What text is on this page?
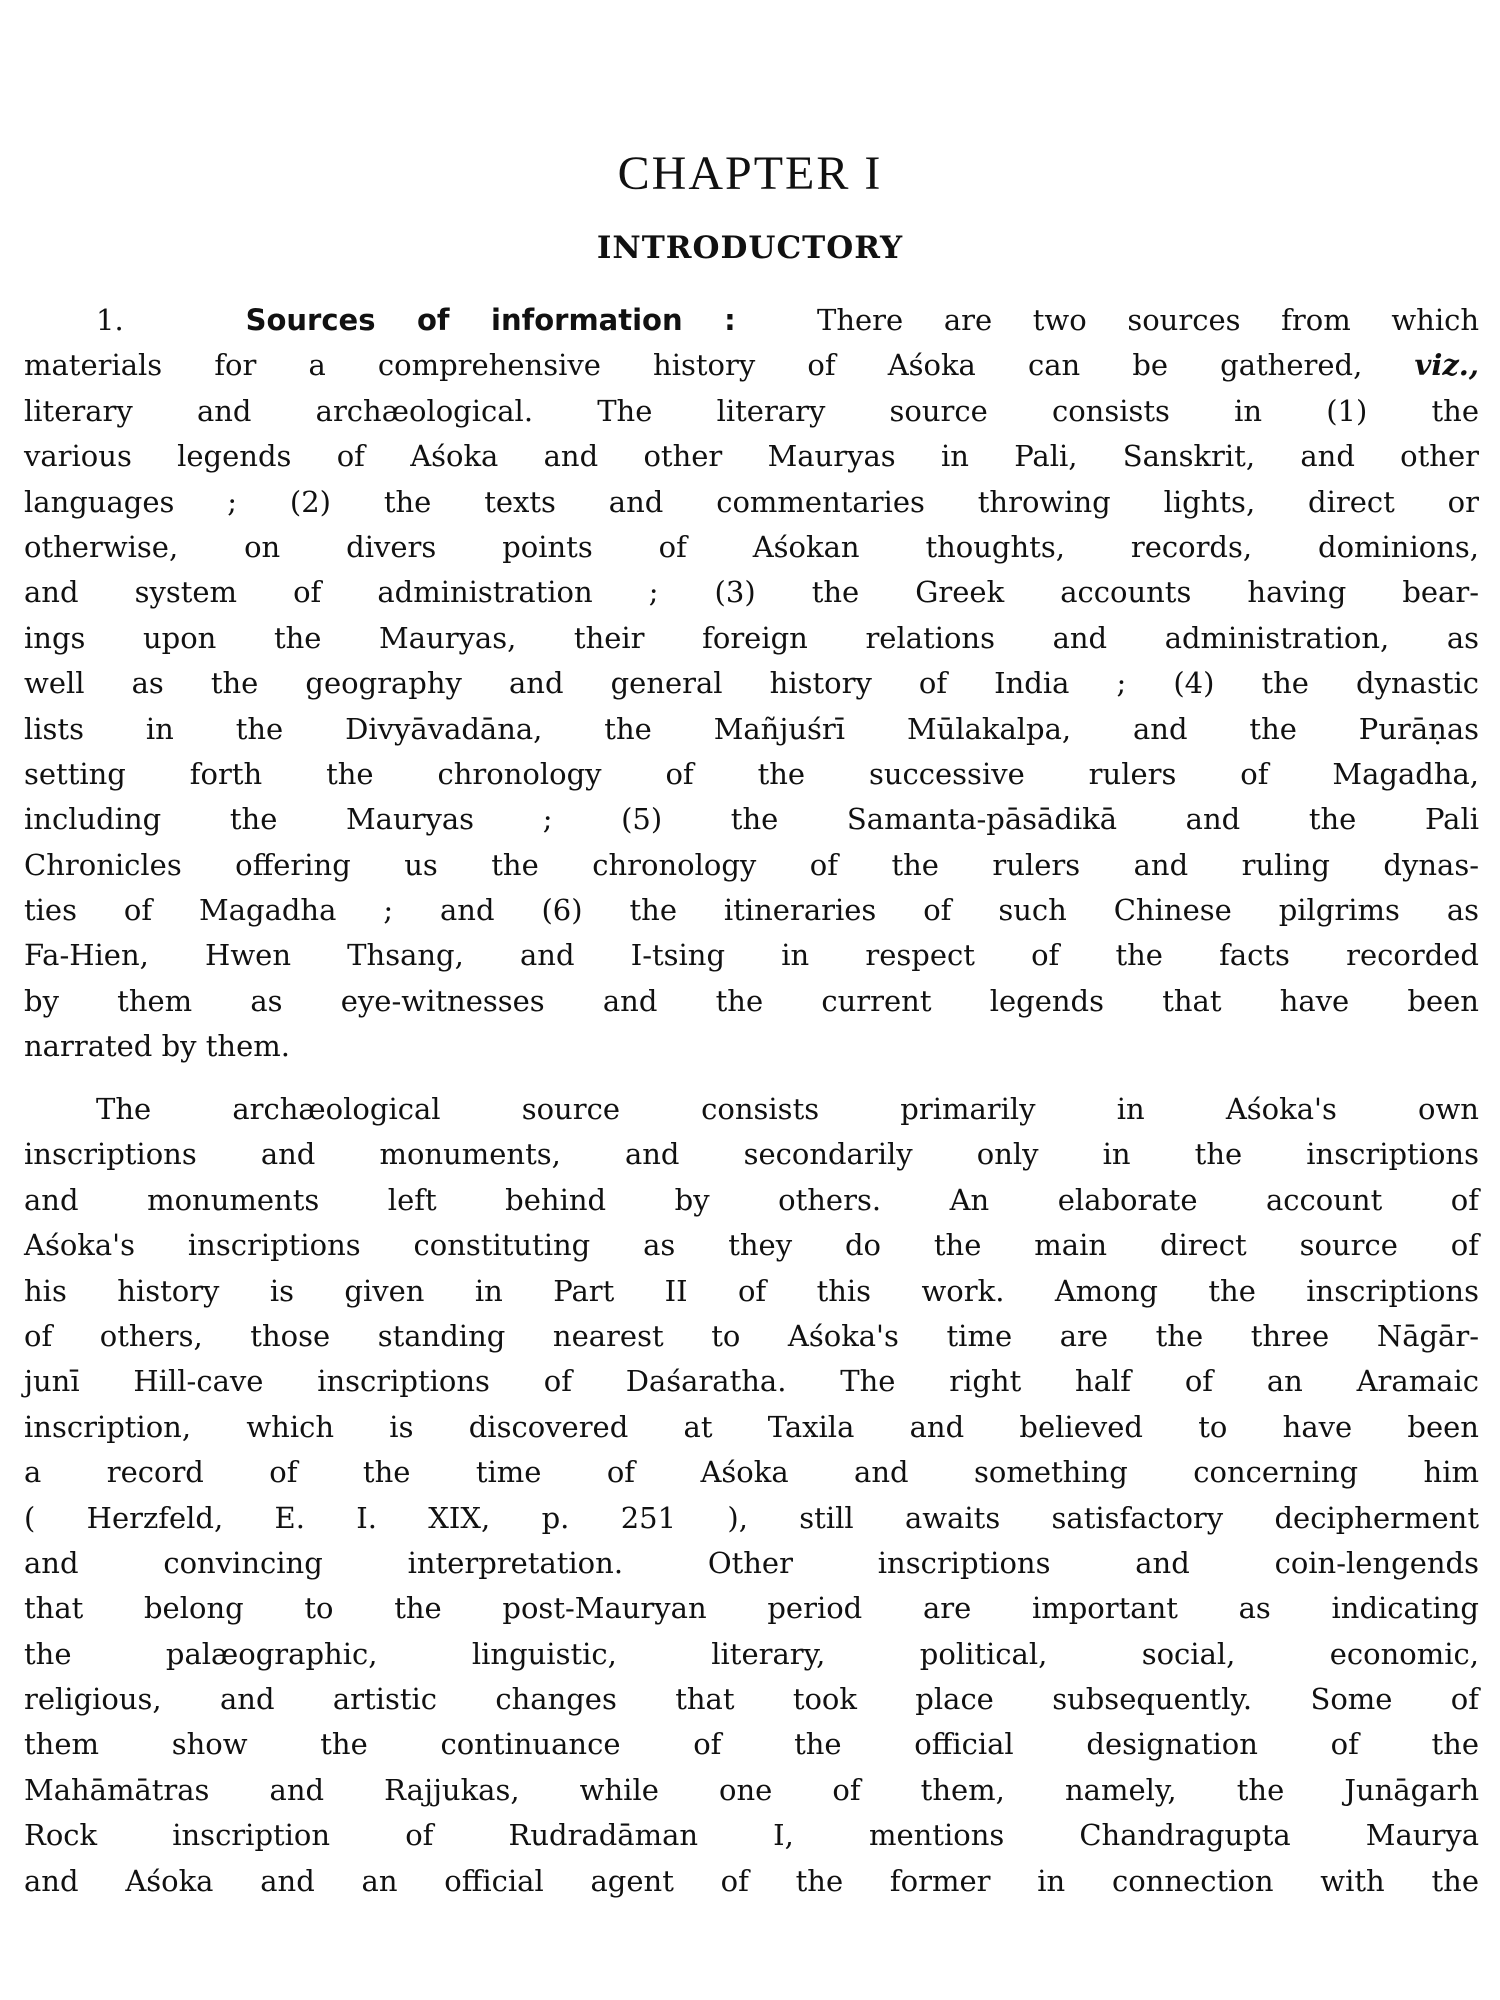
CHAPTER I
INTRODUCTORY
1.	Sources of information :	There are two sources from which
materials for a comprehensive history of Aśoka can be gathered, viz.,
literary and archæological. The literary source consists in (1) the
various legends of Aśoka and other Mauryas in Pali, Sanskrit, and other
languages ; (2) the texts and commentaries throwing lights, direct or
otherwise, on divers points of Aśokan thoughts, records, dominions,
and system of administration ; (3) the Greek accounts having bear-
ings upon the Mauryas, their foreign relations and administration, as
well as the geography and general history of India ; (4) the dynastic
lists in the Divyāvadāna, the Mañjuśrī Mūlakalpa, and the Purāṇas
setting forth the chronology of the successive rulers of Magadha,
including the Mauryas ; (5) the Samanta-pāsādikā and the Pali
Chronicles offering us the chronology of the rulers and ruling dynas-
ties of Magadha ; and (6) the itineraries of such Chinese pilgrims as
Fa-Hien, Hwen Thsang, and I-tsing in respect of the facts recorded
by them as eye-witnesses and the current legends that have been
narrated by them.
The archæological source consists primarily in Aśoka's own
inscriptions and monuments, and secondarily only in the inscriptions
and monuments left behind by others. An elaborate account of
Aśoka's inscriptions constituting as they do the main direct source of
his history is given in Part II of this work. Among the inscriptions
of others, those standing nearest to Aśoka's time are the three Nāgār-
junī Hill-cave inscriptions of Daśaratha. The right half of an Aramaic
inscription, which is discovered at Taxila and believed to have been
a record of the time of Aśoka and something concerning him
( Herzfeld, E. I. XIX, p. 251 ), still awaits satisfactory decipherment
and convincing interpretation. Other inscriptions and coin-lengends
that belong to the post-Mauryan period are important as indicating
the palæographic, linguistic, literary, political, social, economic,
religious, and artistic changes that took place subsequently. Some of
them show the continuance of the official designation of the
Mahāmātras and Rajjukas, while one of them, namely, the Junāgarh
Rock inscription of Rudradāman I, mentions Chandragupta Maurya
and Aśoka and an official agent of the former in connection with the
